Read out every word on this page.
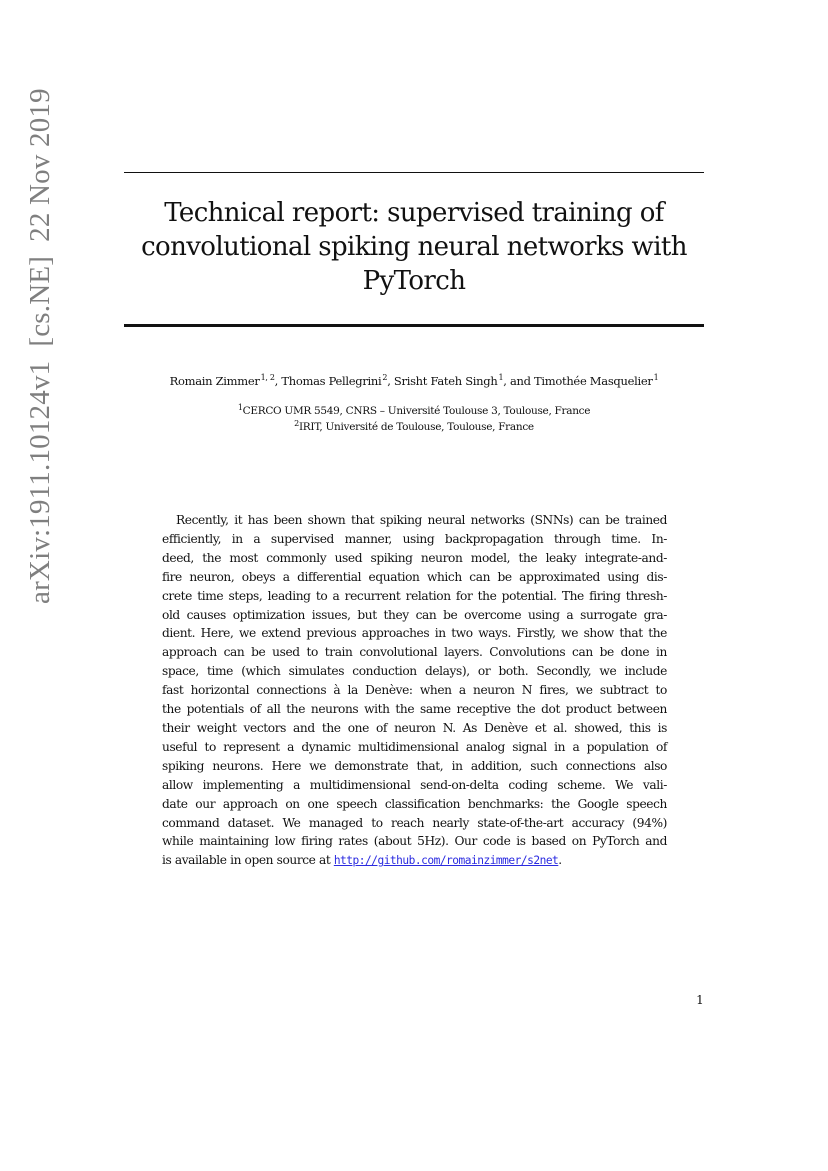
arXiv:1911.10124v1[cs.NE]22 Nov 2019	Technical report: supervised training of
convolutional spiking neural networks with
PyTorch
Romain Zimmer$^{1, 2}$, Thomas Pellegrini$^2$, Srisht Fateh Singh$^1$, and Timothée Masquelier$^1$
$^1$CERCO UMR 5549, CNRS – Université Toulouse 3, Toulouse, France
$^2$IRIT, Université de Toulouse, Toulouse, France
Recently, it has been shown that spiking neural networks (SNNs) can be trained
efficiently, in a supervised manner, using backpropagation through time. In-
deed, the most commonly used spiking neuron model, the leaky integrate-and-
fire neuron, obeys a differential equation which can be approximated using dis-
crete time steps, leading to a recurrent relation for the potential. The firing thresh-
old causes optimization issues, but they can be overcome using a surrogate gra-
dient. Here, we extend previous approaches in two ways. Firstly, we show that the
approach can be used to train convolutional layers. Convolutions can be done in
space, time (which simulates conduction delays), or both. Secondly, we include
fast horizontal connections à la Denève: when a neuron N fires, we subtract to
the potentials of all the neurons with the same receptive the dot product between
their weight vectors and the one of neuron N. As Denève et al. showed, this is
useful to represent a dynamic multidimensional analog signal in a population of
spiking neurons. Here we demonstrate that, in addition, such connections also
allow implementing a multidimensional send-on-delta coding scheme. We vali-
date our approach on one speech classification benchmarks: the Google speech
command dataset. We managed to reach nearly state-of-the-art accuracy (94%)
while maintaining low firing rates (about 5Hz). Our code is based on PyTorch and
is available in open source at http://github.com/romainzimmer/s2net.
1
